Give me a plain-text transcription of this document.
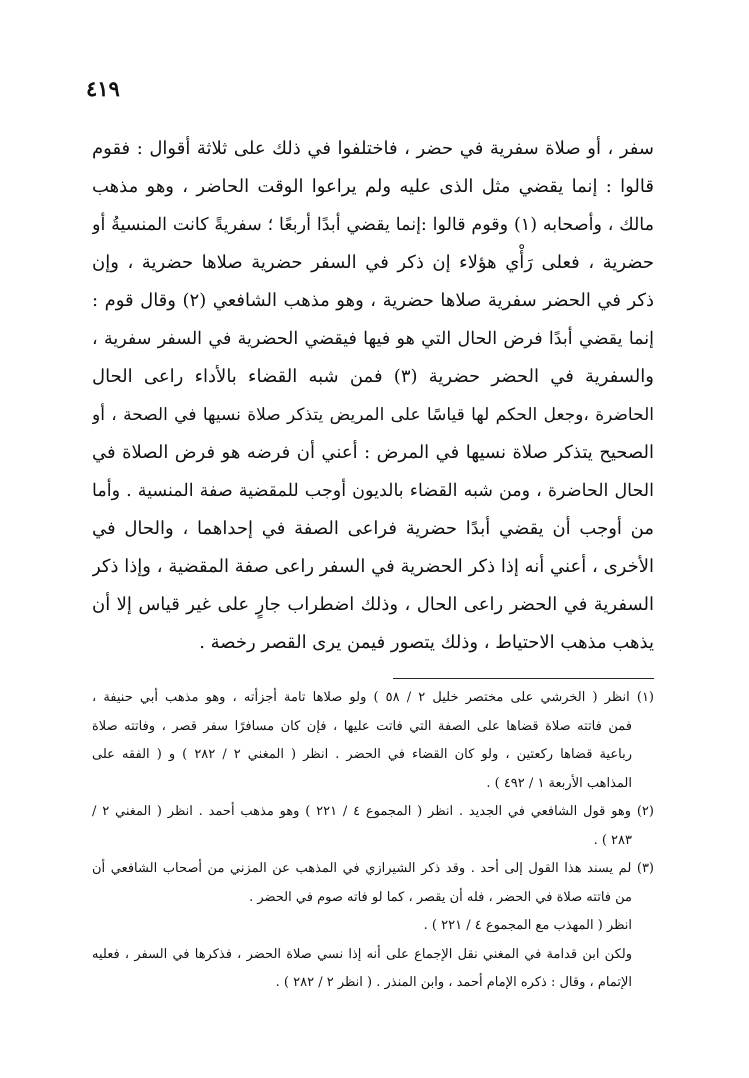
٤١٩
سفر ، أو صلاة سفرية في حضر ، فاختلفوا في ذلك على ثلاثة أقوال : فقوم
قالوا : إنما يقضي مثل الذى عليه ولم يراعوا الوقت الحاضر ، وهو مذهب
مالك ، وأصحابه (١) وقوم قالوا :إنما يقضي أبدًا أربعًا ؛ سفريةً كانت المنسيةُ أو
حضرية ، فعلى رَأْي هؤلاء إن ذكر في السفر حضرية صلاها حضرية ، وإن
ذكر في الحضر سفرية صلاها حضرية ، وهو مذهب الشافعي (٢) وقال قوم :
إنما يقضي أبدًا فرض الحال التي هو فيها فيقضي الحضرية في السفر سفرية ،
والسفرية في الحضر حضرية (٣) فمن شبه القضاء بالأداء راعى الحال
الحاضرة ،وجعل الحكم لها قياسًا على المريض يتذكر صلاة نسيها في الصحة ، أو
الصحيح يتذكر صلاة نسيها في المرض : أعني أن فرضه هو فرض الصلاة في
الحال الحاضرة ، ومن شبه القضاء بالديون أوجب للمقضية صفة المنسية . وأما
من أوجب أن يقضي أبدًا حضرية فراعى الصفة في إحداهما ، والحال في
الأخرى ، أعني أنه إذا ذكر الحضرية في السفر راعى صفة المقضية ، وإذا ذكر
السفرية في الحضر راعى الحال ، وذلك اضطراب جارٍ على غير قياس إلا أن
يذهب مذهب الاحتياط ، وذلك يتصور فيمن يرى القصر رخصة .
(١) انظر ( الخرشي على مختصر خليل ٢ / ٥٨ ) ولو صلاها تامة أجزأته ، وهو مذهب أبي حنيفة ،
فمن فاتته صلاة قضاها على الصفة التي فاتت عليها ، فإن كان مسافرًا سفر قصر ، وفاتته صلاة
رباعية قضاها ركعتين ، ولو كان القضاء في الحضر . انظر ( المغني ٢ / ٢٨٢ ) و ( الفقه على
المذاهب الأربعة ١ / ٤٩٢ ) .
(٢) وهو قول الشافعي في الجديد . انظر ( المجموع ٤ / ٢٢١ ) وهو مذهب أحمد . انظر ( المغني ٢ /
٢٨٣ ) .
(٣) لم يسند هذا القول إلى أحد . وقد ذكر الشيرازي في المذهب عن المزني من أصحاب الشافعي أن
من فاتته صلاة في الحضر ، فله أن يقصر ، كما لو فاته صوم في الحضر .
انظر ( المهذب مع المجموع ٤ / ٢٢١ ) .
ولكن ابن قدامة في المغني نقل الإجماع على أنه إذا نسي صلاة الحضر ، فذكرها في السفر ، فعليه
الإتمام ، وقال : ذكره الإمام أحمد ، وابن المنذر . ( انظر ٢ / ٢٨٢ ) .
